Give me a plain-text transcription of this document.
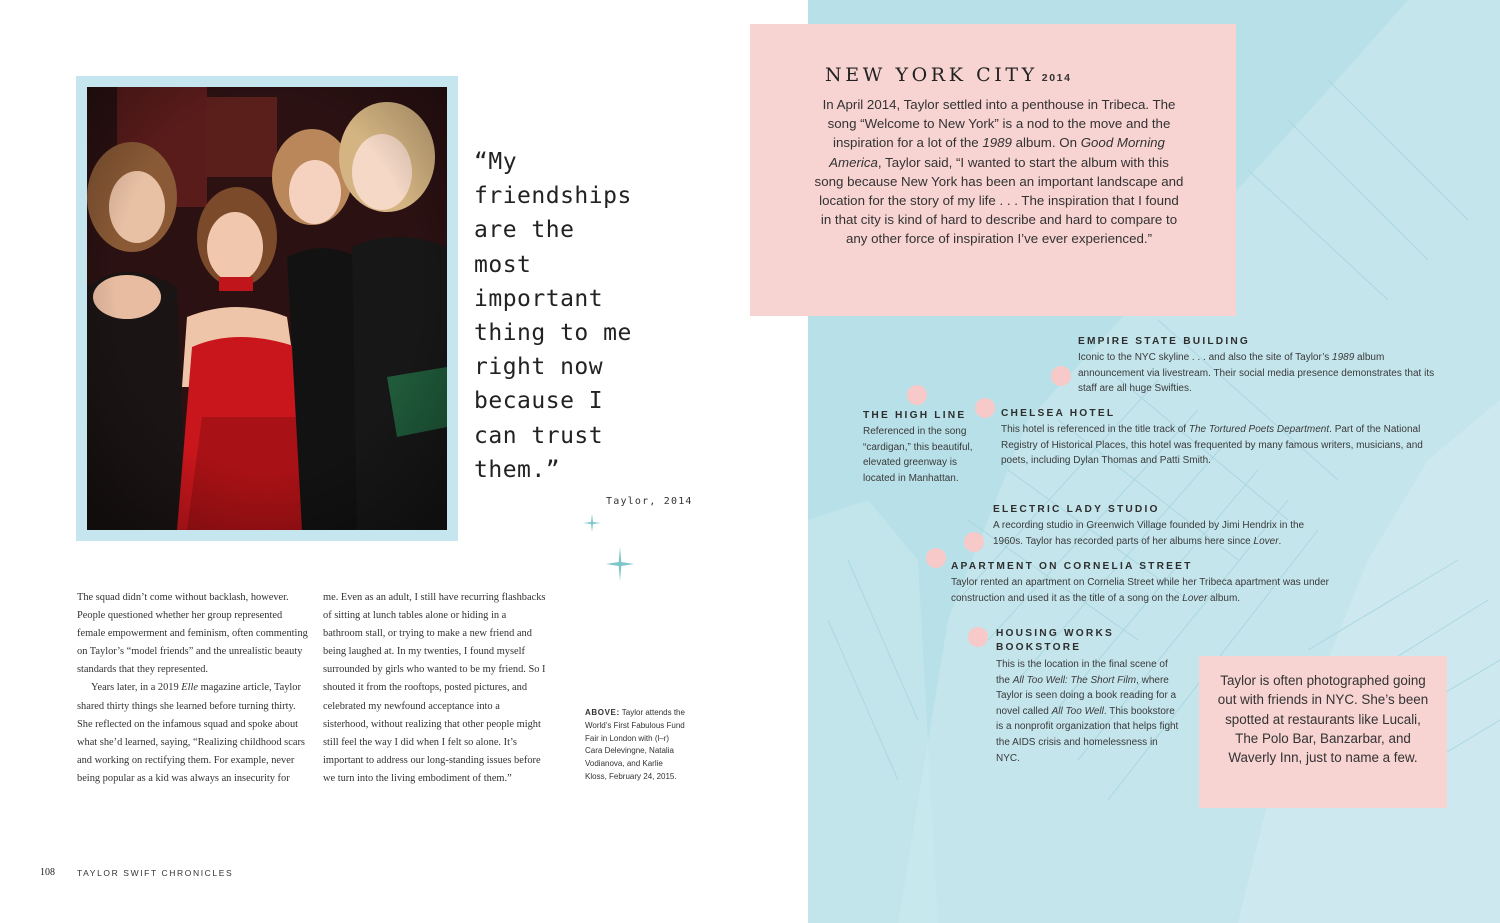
“My
friendships
are the
most
important
thing to me
right now
because I
can trust
them.”
Taylor, 2014

The squad didn’t come without backlash, however. People questioned whether her group represented female empowerment and feminism, often commenting on Taylor’s “model friends” and the unrealistic beauty standards that they represented.

Years later, in a 2019 Elle magazine article, Taylor shared thirty things she learned before turning thirty. She reflected on the infamous squad and spoke about what she’d learned, saying, “Realizing childhood scars and working on rectifying them. For example, never being popular as a kid was always an insecurity for

me. Even as an adult, I still have recurring flashbacks of sitting at lunch tables alone or hiding in a bathroom stall, or trying to make a new friend and being laughed at. In my twenties, I found myself surrounded by girls who wanted to be my friend. So I shouted it from the rooftops, posted pictures, and celebrated my newfound acceptance into a sisterhood, without realizing that other people might still feel the way I did when I felt so alone. It’s important to address our long-standing issues before we turn into the living embodiment of them.”

ABOVE: Taylor attends the World’s First Fabulous Fund Fair in London with (l–r) Cara Delevingne, Natalia Vodianova, and Karlie Kloss, February 24, 2015.
108	TAYLOR SWIFT CHRONICLES
NEW YORK CITY 2014
In April 2014, Taylor settled into a penthouse in Tribeca. The song “Welcome to New York” is a nod to the move and the inspiration for a lot of the 1989 album. On Good Morning America, Taylor said, “I wanted to start the album with this song because New York has been an important landscape and location for the story of my life . . . The inspiration that I found in that city is kind of hard to describe and hard to compare to any other force of inspiration I’ve ever experienced.”
EMPIRE STATE BUILDING
Iconic to the NYC skyline . . . and also the site of Taylor’s 1989 album announcement via livestream. Their social media presence demonstrates that its staff are all huge Swifties.
THE HIGH LINE
Referenced in the song “cardigan,” this beautiful, elevated greenway is located in Manhattan.
CHELSEA HOTEL
This hotel is referenced in the title track of The Tortured Poets Department. Part of the National Registry of Historical Places, this hotel was frequented by many famous writers, musicians, and poets, including Dylan Thomas and Patti Smith.
ELECTRIC LADY STUDIO
A recording studio in Greenwich Village founded by Jimi Hendrix in the 1960s. Taylor has recorded parts of her albums here since Lover.
APARTMENT ON CORNELIA STREET
Taylor rented an apartment on Cornelia Street while her Tribeca apartment was under construction and used it as the title of a song on the Lover album.
HOUSING WORKS
BOOKSTORE
This is the location in the final scene of the All Too Well: The Short Film, where Taylor is seen doing a book reading for a novel called All Too Well. This bookstore is a nonprofit organization that helps fight the AIDS crisis and homelessness in NYC.
Taylor is often photographed going out with friends in NYC. She’s been spotted at restaurants like Lucali, The Polo Bar, Banzarbar, and Waverly Inn, just to name a few.
